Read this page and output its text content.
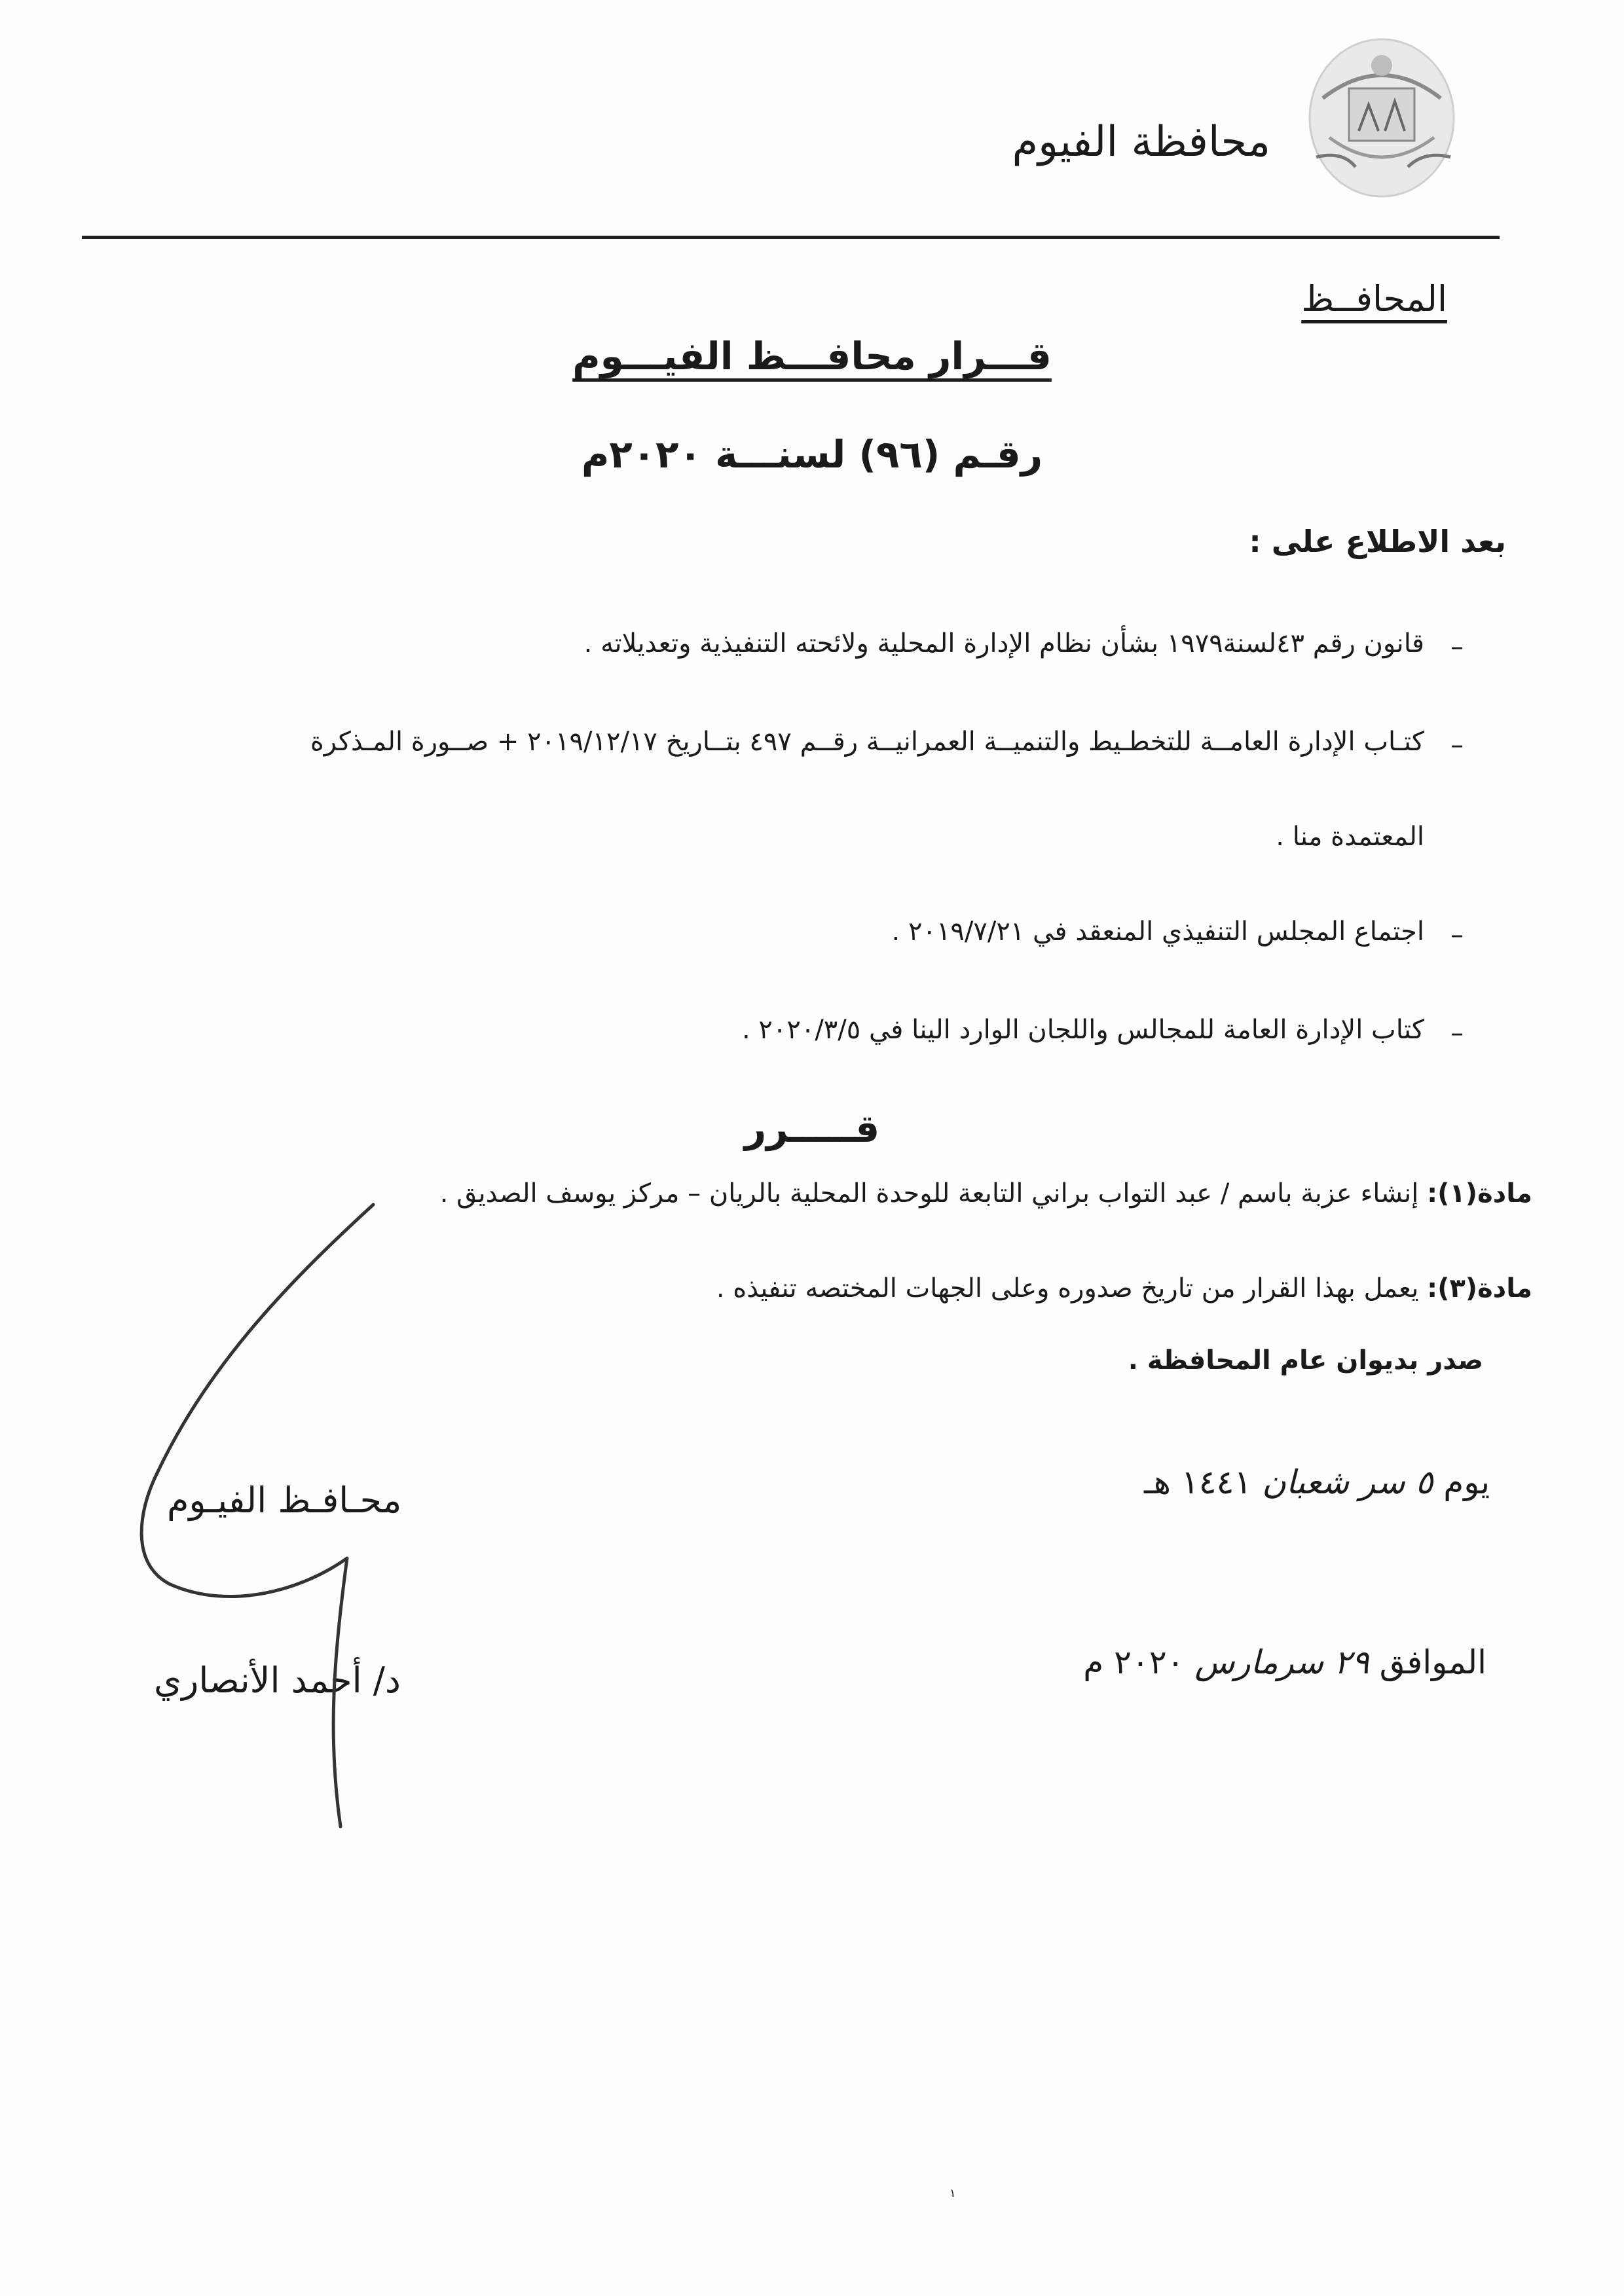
محافظة الفيوم
المحافــظ
قـــرار محافـــظ الفيـــوم
رقـم (٩٦) لسنـــة ٢٠٢٠م
بعد الاطلاع على :
–
قانون رقم ٤٣لسنة١٩٧٩ بشأن نظام الإدارة المحلية ولائحته التنفيذية وتعديلاته .
–
كتـاب الإدارة العامــة للتخطـيط والتنميــة العمرانيــة رقــم ٤٩٧ بتــاريخ ٢٠١٩/١٢/١٧ + صــورة المـذكرة
المعتمدة منا .
–
اجتماع المجلس التنفيذي المنعقد في ٢٠١٩/٧/٢١ .
–
كتاب الإدارة العامة للمجالس واللجان الوارد الينا في ٢٠٢٠/٣/٥ .
قـــــرر
مادة(١): إنشاء عزبة باسم / عبد التواب براني التابعة للوحدة المحلية بالريان – مركز يوسف الصديق .
مادة(٣): يعمل بهذا القرار من تاريخ صدوره وعلى الجهات المختصه تنفيذه .
صدر بديوان عام المحافظة .
يوم ٥ سر شعبان ١٤٤١ هـ
الموافق ٢٩ سرمارس ٢٠٢٠ م
محـافـظ الفيـوم
د/ أحمد الأنصاري
١
